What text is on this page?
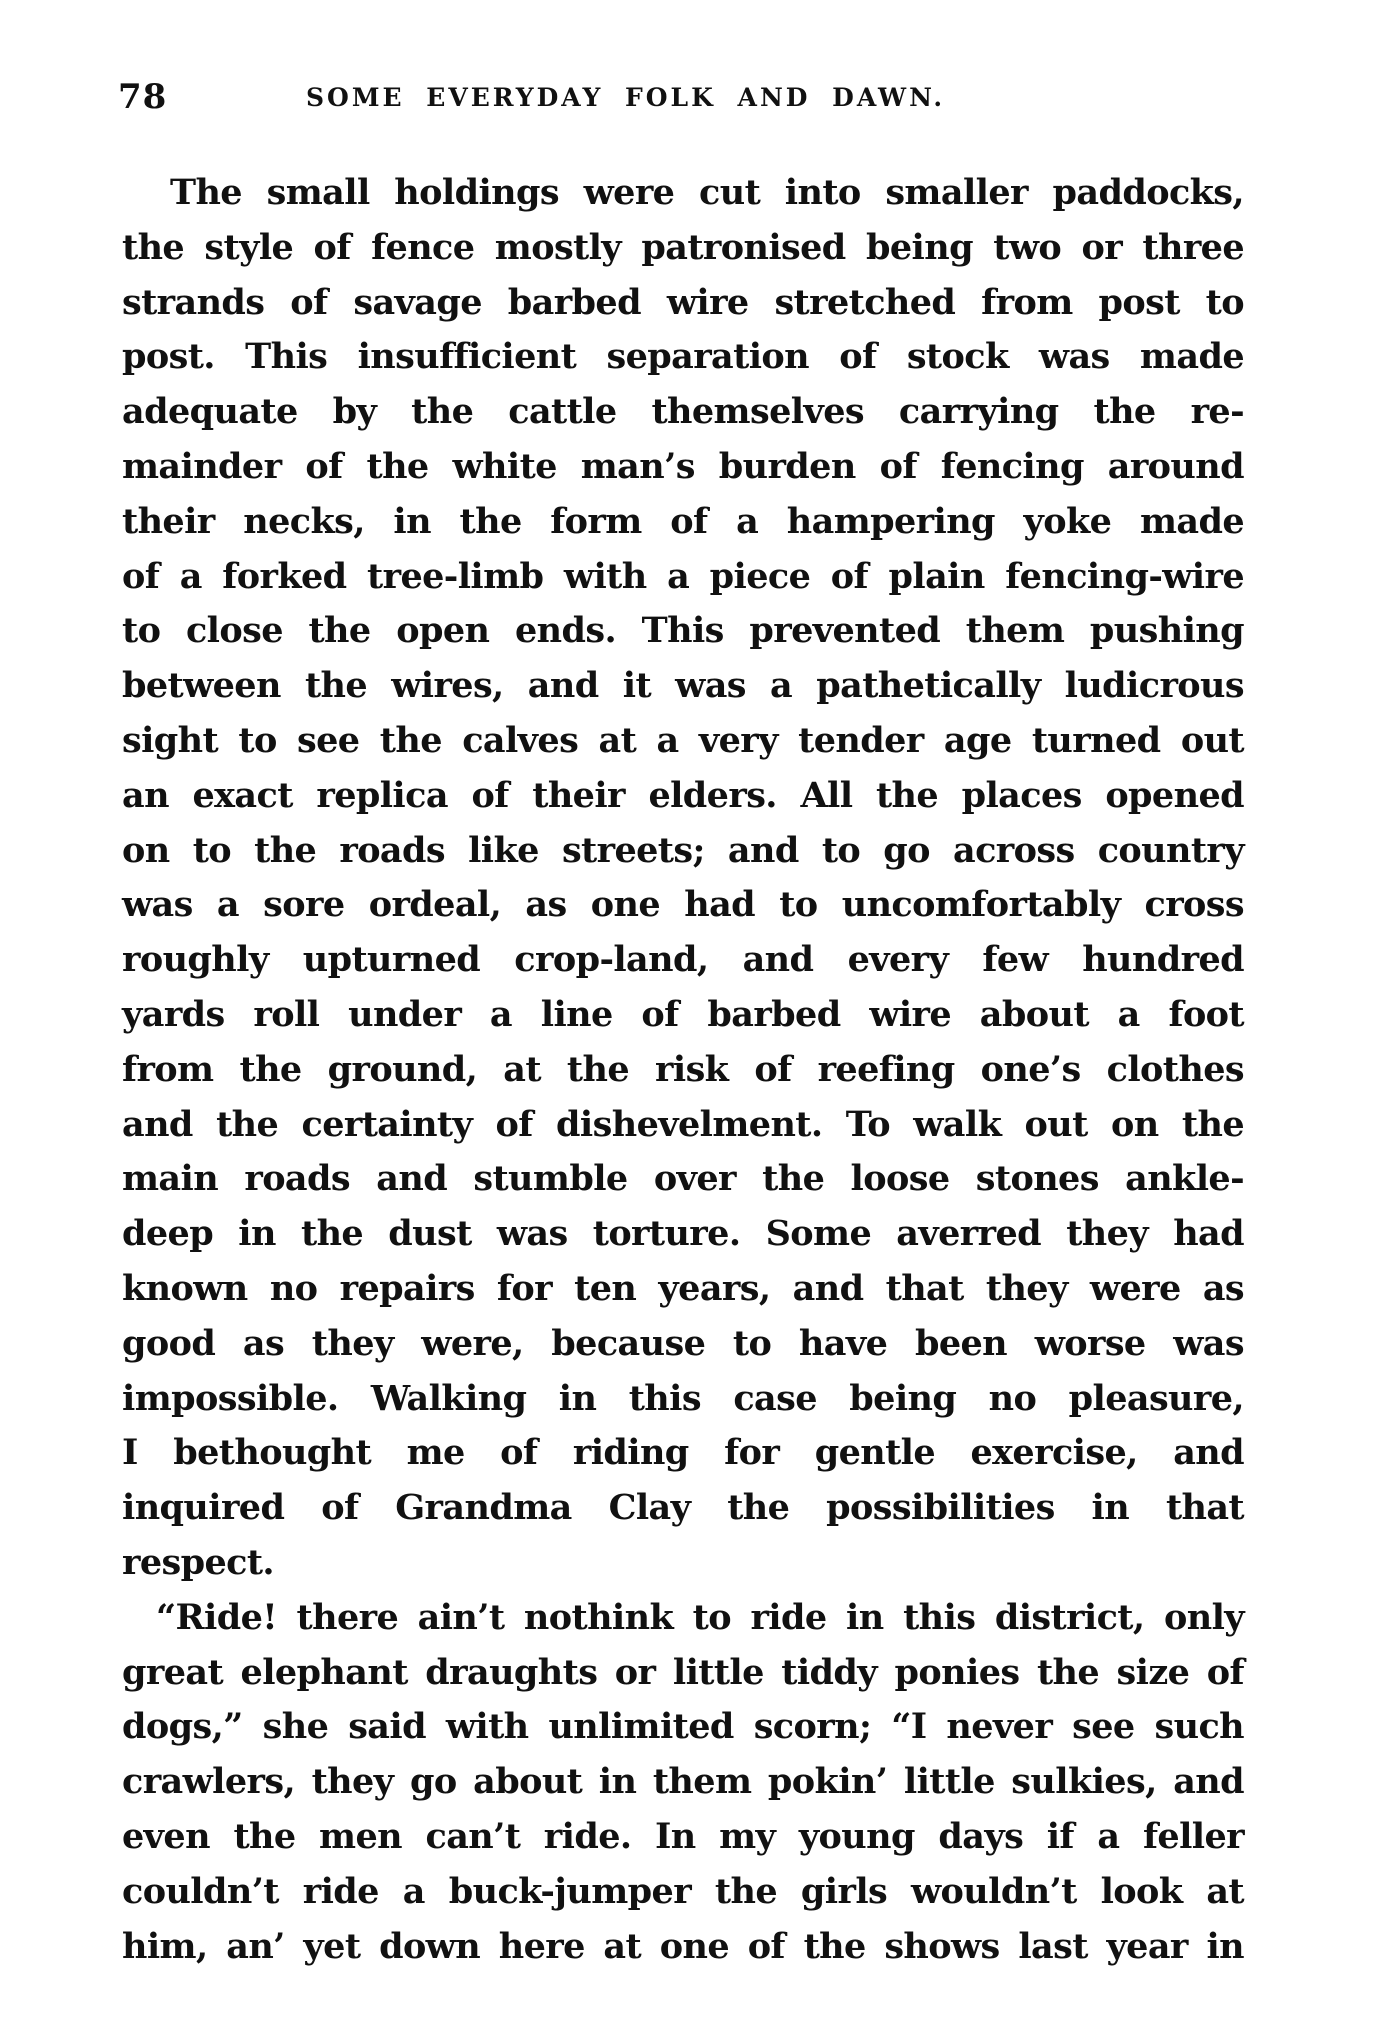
78	SOME EVERYDAY FOLK AND DAWN.
The small holdings were cut into smaller paddocks,
the style of fence mostly patronised being two or three
strands of savage barbed wire stretched from post to
post. This insufficient separation of stock was made
adequate by the cattle themselves carrying the re-
mainder of the white man’s burden of fencing around
their necks, in the form of a hampering yoke made
of a forked tree-limb with a piece of plain fencing-wire
to close the open ends. This prevented them pushing
between the wires, and it was a pathetically ludicrous
sight to see the calves at a very tender age turned out
an exact replica of their elders. All the places opened
on to the roads like streets; and to go across country
was a sore ordeal, as one had to uncomfortably cross
roughly upturned crop-land, and every few hundred
yards roll under a line of barbed wire about a foot
from the ground, at the risk of reefing one’s clothes
and the certainty of dishevelment. To walk out on the
main roads and stumble over the loose stones ankle-
deep in the dust was torture. Some averred they had
known no repairs for ten years, and that they were as
good as they were, because to have been worse was
impossible. Walking in this case being no pleasure,
I bethought me of riding for gentle exercise, and
inquired of Grandma Clay the possibilities in that
respect.
“Ride! there ain’t nothink to ride in this district, only
great elephant draughts or little tiddy ponies the size of
dogs,” she said with unlimited scorn; “I never see such
crawlers, they go about in them pokin’ little sulkies, and
even the men can’t ride. In my young days if a feller
couldn’t ride a buck-jumper the girls wouldn’t look at
him, an’ yet down here at one of the shows last year in
